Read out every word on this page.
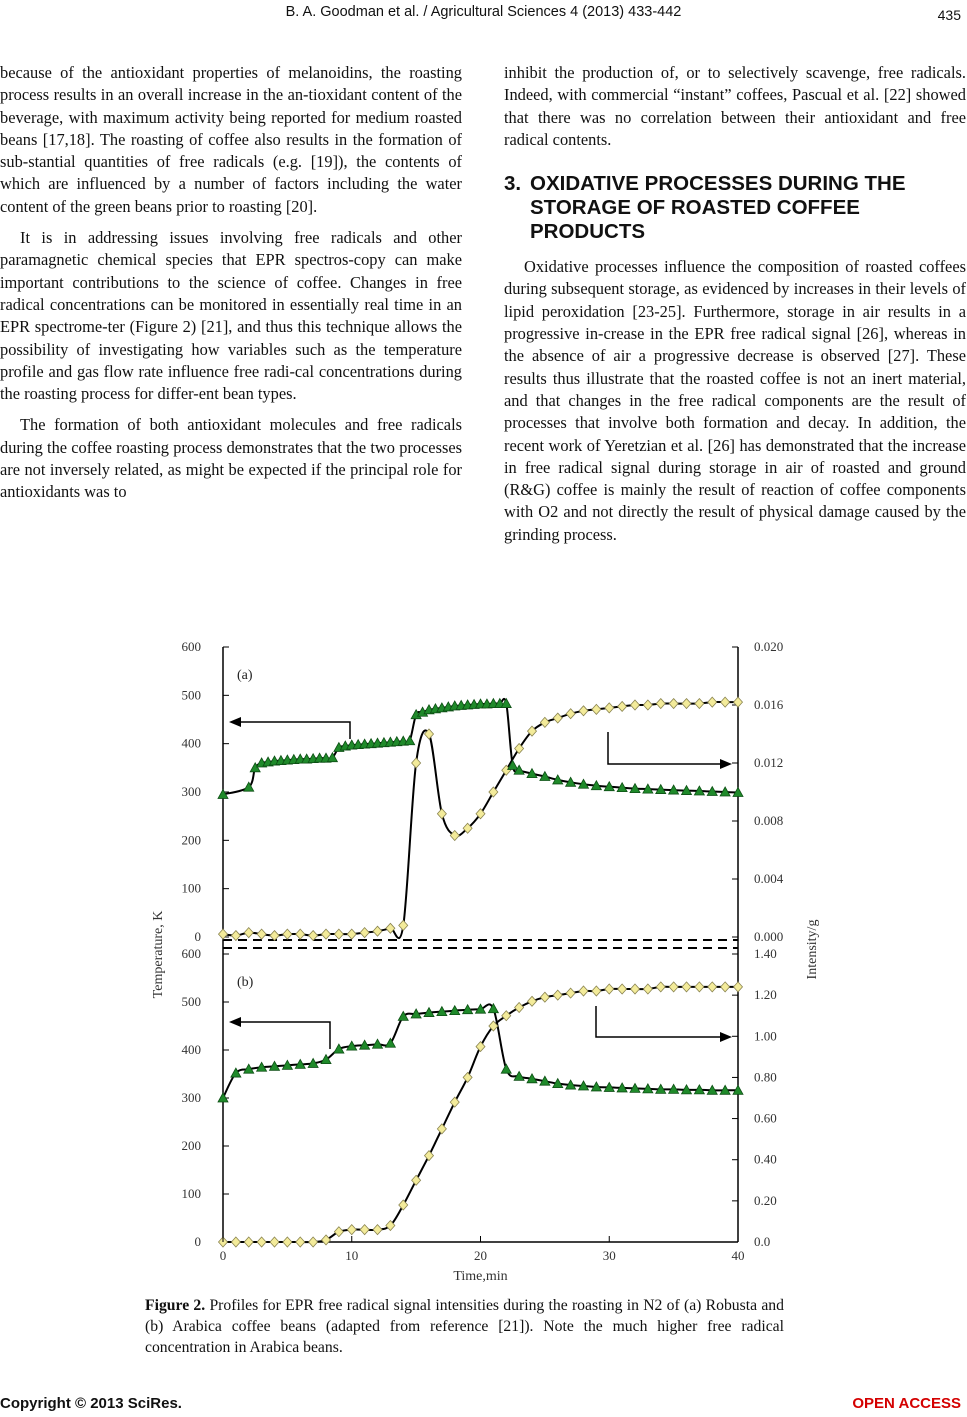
B. A. Goodman et al. / Agricultural Sciences 4 (2013) 433-442	435

because of the antioxidant properties of melanoidins, the roasting process results in an overall increase in the an-tioxidant content of the beverage, with maximum activity being reported for medium roasted beans [17,18]. The roasting of coffee also results in the formation of sub-stantial quantities of free radicals (e.g. [19]), the contents of which are influenced by a number of factors including the water content of the green beans prior to roasting [20].

It is in addressing issues involving free radicals and other paramagnetic chemical species that EPR spectros-copy can make important contributions to the science of coffee. Changes in free radical concentrations can be monitored in essentially real time in an EPR spectrome-ter (Figure 2) [21], and thus this technique allows the possibility of investigating how variables such as the temperature profile and gas flow rate influence free radi-cal concentrations during the roasting process for differ-ent bean types.

The formation of both antioxidant molecules and free radicals during the coffee roasting process demonstrates that the two processes are not inversely related, as might be expected if the principal role for antioxidants was to

inhibit the production of, or to selectively scavenge, free radicals. Indeed, with commercial “instant” coffees, Pascual et al. [22] showed that there was no correlation between their antioxidant and free radical contents.

3. OXIDATIVE PROCESSES DURING THE STORAGE OF ROASTED COFFEE PRODUCTS

Oxidative processes influence the composition of roasted coffees during subsequent storage, as evidenced by increases in their levels of lipid peroxidation [23-25]. Furthermore, storage in air results in a progressive in-crease in the EPR free radical signal [26], whereas in the absence of air a progressive decrease is observed [27]. These results thus illustrate that the roasted coffee is not an inert material, and that changes in the free radical components are the result of processes that involve both formation and decay. In addition, the recent work of Yeretzian et al. [26] has demonstrated that the increase in free radical signal during storage in air of roasted and ground (R&G) coffee is mainly the result of reaction of coffee components with O2 and not directly the result of physical damage caused by the grinding process.

0
100
200
300
400
500
600
0.000
0.004
0.008
0.012
0.016
0.020
(a)
0
100
200
300
400
500
600
0.0
0.20
0.40
0.60
0.80
1.00
1.20
1.40
(b)
0	10	20	30	40
Time,min
Temperature, K	Intensity/g
Figure 2. Profiles for EPR free radical signal intensities during the roasting in N2 of (a) Robusta and (b) Arabica coffee beans (adapted from reference [21]). Note the much higher free radical concentration in Arabica beans.
Copyright © 2013 SciRes.	OPEN ACCESS
